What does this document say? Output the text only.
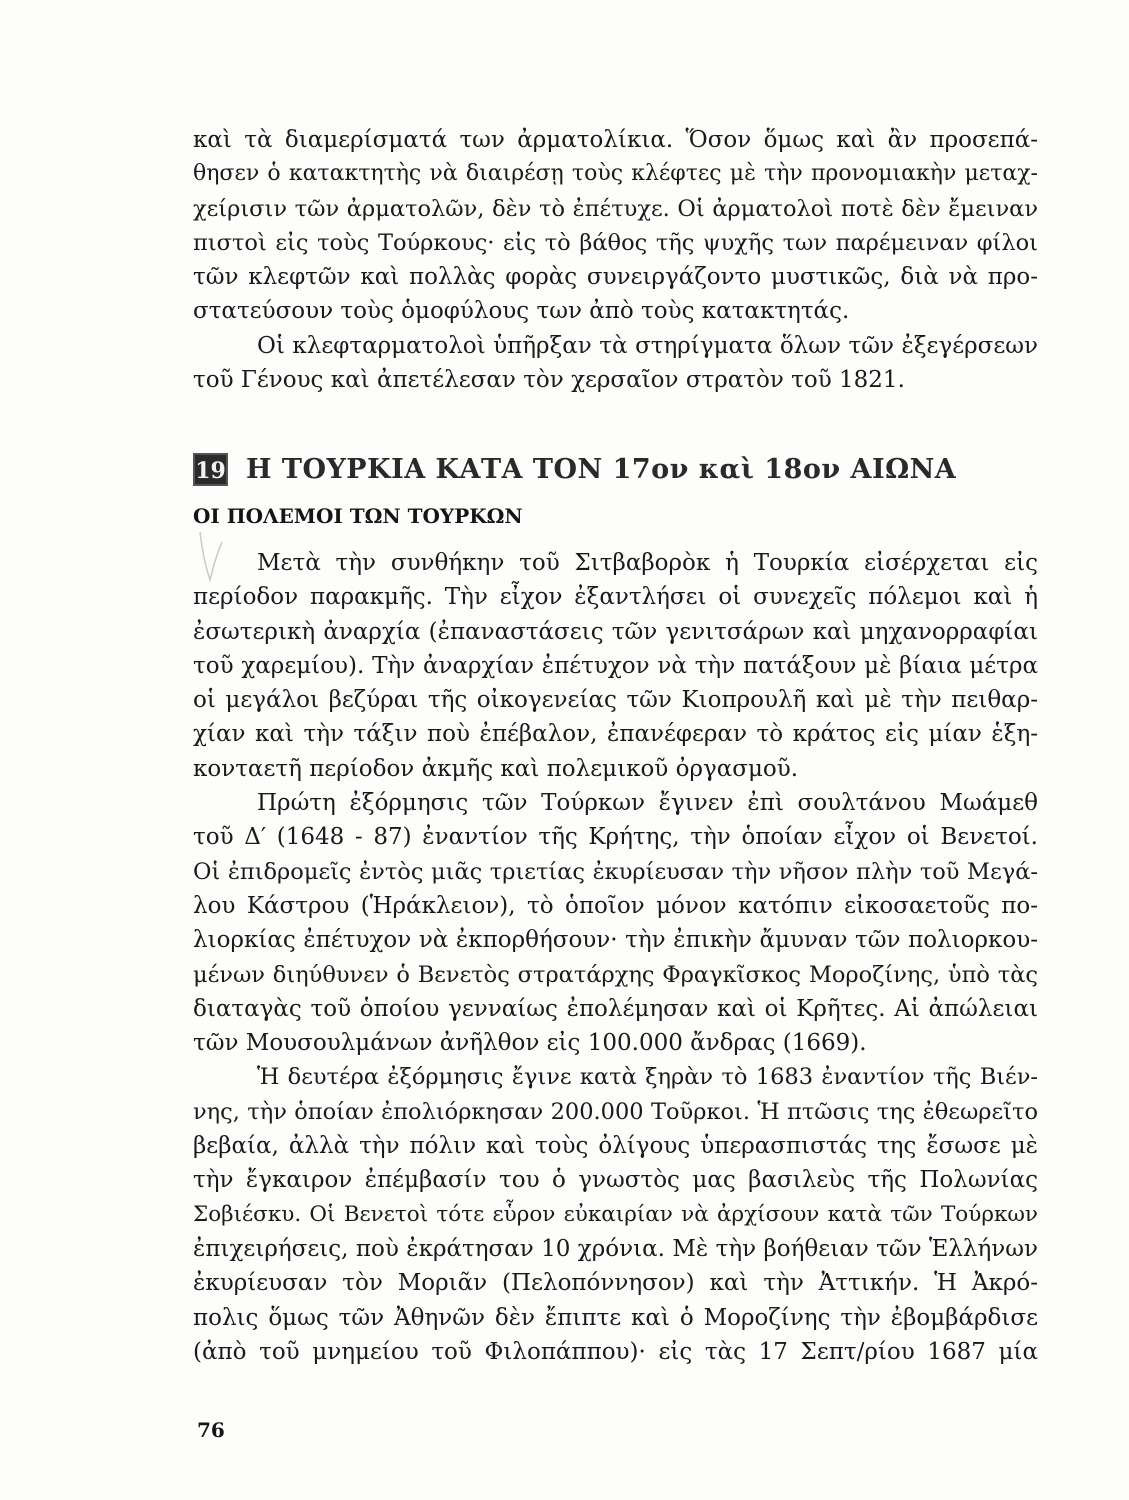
καὶ τὰ διαμερίσματά των ἀρματολίκια. Ὅσον ὅμως καὶ ἂν προσεπά-
θησεν ὁ κατακτητὴς νὰ διαιρέσῃ τοὺς κλέφτες μὲ τὴν προνομιακὴν μεταχ-
χείρισιν τῶν ἀρματολῶν, δὲν τὸ ἐπέτυχε. Οἱ ἀρματολοὶ ποτὲ δὲν ἔμειναν
πιστοὶ εἰς τοὺς Τούρκους· εἰς τὸ βάθος τῆς ψυχῆς των παρέμειναν φίλοι
τῶν κλεφτῶν καὶ πολλὰς φορὰς συνειργάζοντο μυστικῶς, διὰ νὰ προ-
στατεύσουν τοὺς ὁμοφύλους των ἀπὸ τοὺς κατακτητάς.
Οἱ κλεφταρματολοὶ ὑπῆρξαν τὰ στηρίγματα ὅλων τῶν ἐξεγέρσεων
τοῦ Γένους καὶ ἀπετέλεσαν τὸν χερσαῖον στρατὸν τοῦ 1821.
19 Η ΤΟΥΡΚΙΑ ΚΑΤΑ ΤΟΝ 17ον καὶ 18ον ΑΙΩΝΑ
ΟΙ ΠΟΛΕΜΟΙ ΤΩΝ ΤΟΥΡΚΩΝ
Μετὰ τὴν συνθήκην τοῦ Σιτβαβορὸκ ἡ Τουρκία εἰσέρχεται εἰς
περίοδον παρακμῆς. Τὴν εἶχον ἐξαντλήσει οἱ συνεχεῖς πόλεμοι καὶ ἡ
ἐσωτερικὴ ἀναρχία (ἐπαναστάσεις τῶν γενιτσάρων καὶ μηχανορραφίαι
τοῦ χαρεμίου). Τὴν ἀναρχίαν ἐπέτυχον νὰ τὴν πατάξουν μὲ βίαια μέτρα
οἱ μεγάλοι βεζύραι τῆς οἰκογενείας τῶν Κιοπρουλῆ καὶ μὲ τὴν πειθαρ-
χίαν καὶ τὴν τάξιν ποὺ ἐπέβαλον, ἐπανέφεραν τὸ κράτος εἰς μίαν ἑξη-
κονταετῆ περίοδον ἀκμῆς καὶ πολεμικοῦ ὀργασμοῦ.
Πρώτη ἐξόρμησις τῶν Τούρκων ἔγινεν ἐπὶ σουλτάνου Μωάμεθ
τοῦ Δ′ (1648 - 87) ἐναντίον τῆς Κρήτης, τὴν ὁποίαν εἶχον οἱ Βενετοί.
Οἱ ἐπιδρομεῖς ἐντὸς μιᾶς τριετίας ἐκυρίευσαν τὴν νῆσον πλὴν τοῦ Μεγά-
λου Κάστρου (Ἡράκλειον), τὸ ὁποῖον μόνον κατόπιν εἰκοσαετοῦς πο-
λιορκίας ἐπέτυχον νὰ ἐκπορθήσουν· τὴν ἐπικὴν ἄμυναν τῶν πολιορκου-
μένων διηύθυνεν ὁ Βενετὸς στρατάρχης Φραγκῖσκος Μοροζίνης, ὑπὸ τὰς
διαταγὰς τοῦ ὁποίου γενναίως ἐπολέμησαν καὶ οἱ Κρῆτες. Αἱ ἀπώλειαι
τῶν Μουσουλμάνων ἀνῆλθον εἰς 100.000 ἄνδρας (1669).
Ἡ δευτέρα ἐξόρμησις ἔγινε κατὰ ξηρὰν τὸ 1683 ἐναντίον τῆς Βιέν-
νης, τὴν ὁποίαν ἐπολιόρκησαν 200.000 Τοῦρκοι. Ἡ πτῶσις της ἐθεωρεῖτο
βεβαία, ἀλλὰ τὴν πόλιν καὶ τοὺς ὀλίγους ὑπερασπιστάς της ἔσωσε μὲ
τὴν ἔγκαιρον ἐπέμβασίν του ὁ γνωστὸς μας βασιλεὺς τῆς Πολωνίας
Σοβιέσκυ. Οἱ Βενετοὶ τότε εὗρον εὐκαιρίαν νὰ ἀρχίσουν κατὰ τῶν Τούρκων
ἐπιχειρήσεις, ποὺ ἐκράτησαν 10 χρόνια. Μὲ τὴν βοήθειαν τῶν Ἑλλήνων
ἐκυρίευσαν τὸν Μοριᾶν (Πελοπόννησον) καὶ τὴν Ἀττικήν. Ἡ Ἀκρό-
πολις ὅμως τῶν Ἀθηνῶν δὲν ἔπιπτε καὶ ὁ Μοροζίνης τὴν ἐβομβάρδισε
(ἀπὸ τοῦ μνημείου τοῦ Φιλοπάππου)· εἰς τὰς 17 Σεπτ/ρίου 1687 μία
76
